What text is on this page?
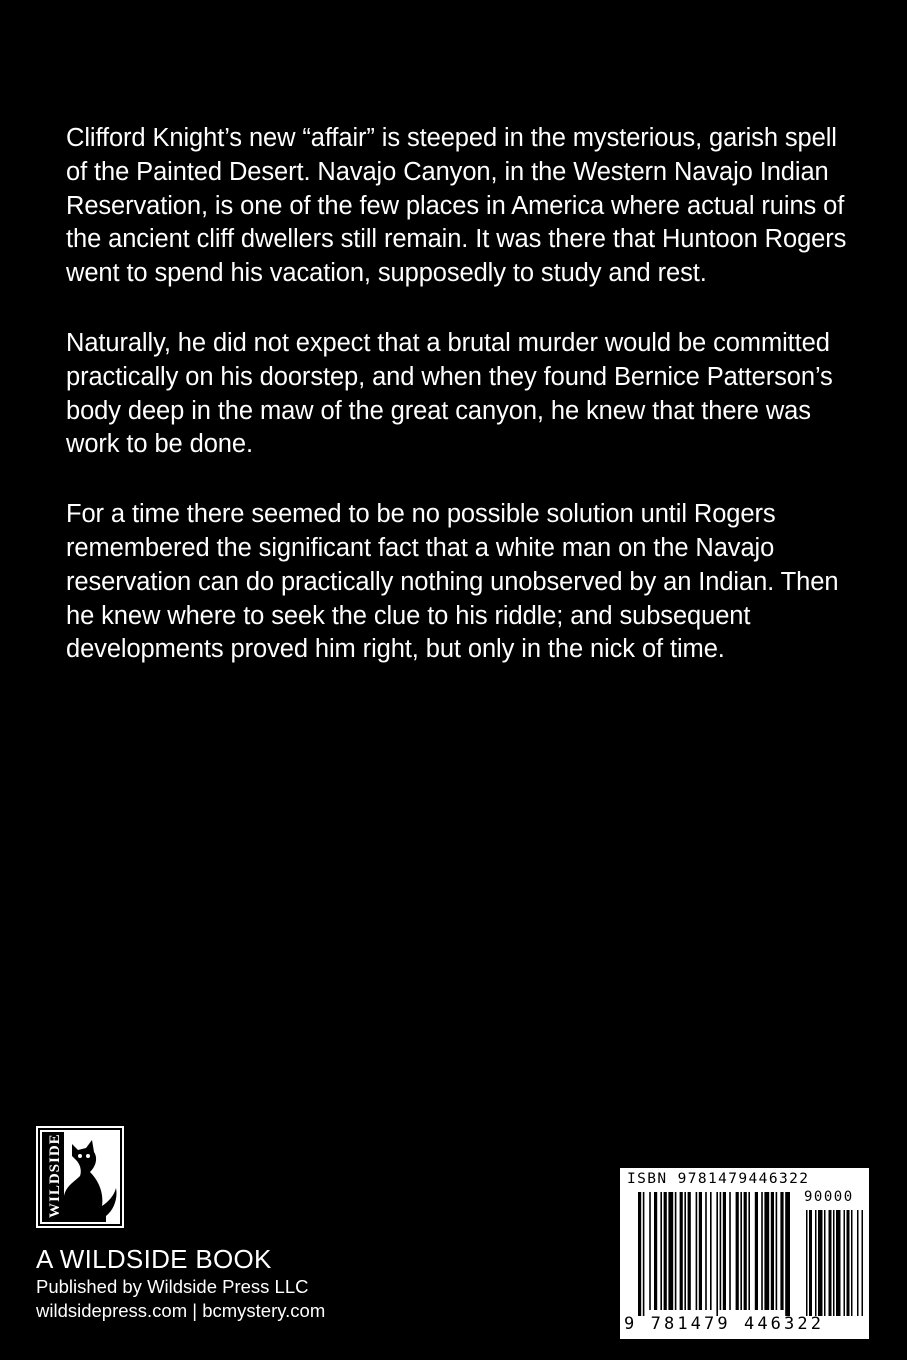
Clifford Knight’s new “affair” is steeped in the mysterious, garish spell of the Painted Desert. Navajo Canyon, in the Western Navajo Indian Reservation, is one of the few places in America where actual ruins of the ancient cliff dwellers still remain. It was there that Huntoon Rogers went to spend his vacation, supposedly to study and rest.

Naturally, he did not expect that a brutal murder would be committed practically on his doorstep, and when they found Bernice Patterson’s body deep in the maw of the great canyon, he knew that there was work to be done.

For a time there seemed to be no possible solution until Rogers remembered the significant fact that a white man on the Navajo reservation can do practically nothing unobserved by an Indian. Then he knew where to seek the clue to his riddle; and subsequent developments proved him right, but only in the nick of time.

WILDSIDE
A WILDSIDE BOOK
Published by Wildside Press LLC
wildsidepress.com | bcmystery.com
ISBN 9781479446322
90000
9 781479 446322
